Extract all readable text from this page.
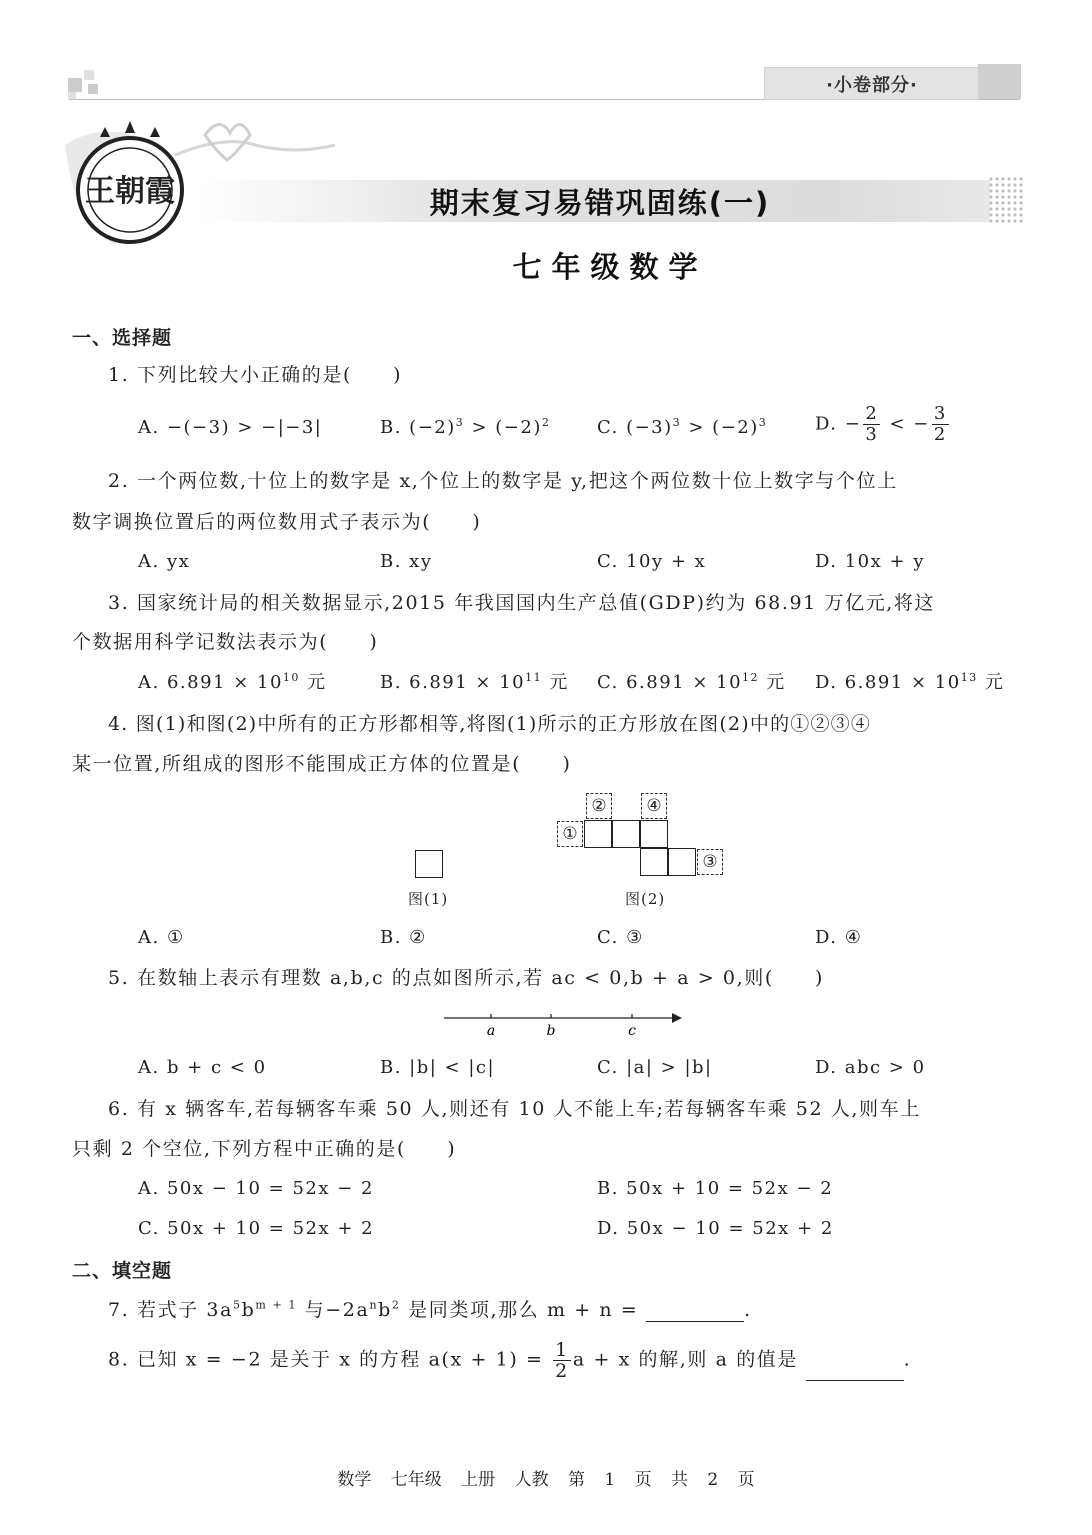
·小卷部分·
王朝霞	期末复习易错巩固练(一)
七年级数学
一、选择题
1. 下列比较大小正确的是(　　)
A. −(−3) > −|−3|	B. $(-2)^3 > (-2)^2$	C. $(-3)^3 > (-2)^3$	D. − $\frac{2}{3}$ < − $\frac{3}{2}$
2. 一个两位数,十位上的数字是 x,个位上的数字是 y,把这个两位数十位上数字与个位上
数字调换位置后的两位数用式子表示为(　　)
A. yx	B. xy	C. 10y + x	D. 10x + y
3. 国家统计局的相关数据显示,2015 年我国国内生产总值(GDP)约为 68.91 万亿元,将这
个数据用科学记数法表示为(　　)
A. $6.891 \times 10^{10}$ 元	B. $6.891 \times 10^{11}$ 元 C. $6.891 \times 10^{12}$ 元 D. $6.891 \times 10^{13}$ 元
4. 图(1)和图(2)中所有的正方形都相等,将图(1)所示的正方形放在图(2)中的①②③④
某一位置,所组成的图形不能围成正方体的位置是(　　)
图(1)
②	④
①
③
图(2)
A. ①	B. ②	C. ③	D. ④
5. 在数轴上表示有理数 a,b,c 的点如图所示,若 ac < 0,b + a > 0,则(　　)
a	b	c
A. b + c < 0	B. |b| < |c|	C. |a| > |b|	D. abc > 0
6. 有 x 辆客车,若每辆客车乘 50 人,则还有 10 人不能上车;若每辆客车乘 52 人,则车上
只剩 2 个空位,下列方程中正确的是(　　)
A. 50x − 10 = 52x − 2	B. 50x + 10 = 52x − 2
C. 50x + 10 = 52x + 2	D. 50x − 10 = 52x + 2
二、填空题
7. 若式子 $3a^5b^{m + 1}$ 与$-2a^nb^2$ 是同类项,那么 m + n =	.
8. 已知 x = −2 是关于 x 的方程 $a(x + 1) = \frac{1}{2}$ a + x 的解,则 a 的值是	.
数学 七年级 上册 人教 第 1 页 共 2 页
